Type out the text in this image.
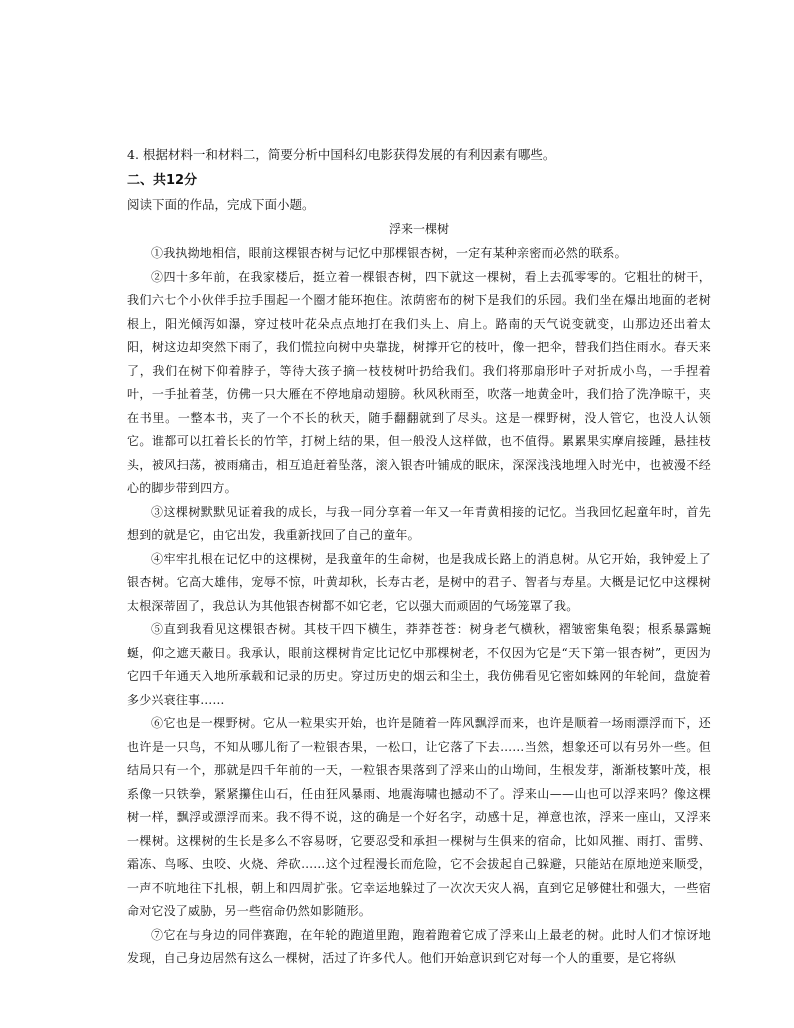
4. 根据材料一和材料二，简要分析中国科幻电影获得发展的有利因素有哪些。

二、共12分

阅读下面的作品，完成下面小题。

浮来一棵树

①我执拗地相信，眼前这棵银杏树与记忆中那棵银杏树，一定有某种亲密而必然的联系。

②四十多年前，在我家楼后，挺立着一棵银杏树，四下就这一棵树，看上去孤零零的。它粗壮的树干，我们六七个小伙伴手拉手围起一个圈才能环抱住。浓荫密布的树下是我们的乐园。我们坐在爆出地面的老树根上，阳光倾泻如瀑，穿过枝叶花朵点点地打在我们头上、肩上。路南的天气说变就变，山那边还出着太阳，树这边却突然下雨了，我们慌拉向树中央靠拢，树撑开它的枝叶，像一把伞，替我们挡住雨水。春天来了，我们在树下仰着脖子，等待大孩子摘一枝枝树叶扔给我们。我们将那扇形叶子对折成小鸟，一手捏着叶，一手扯着茎，仿佛一只大雁在不停地扇动翅膀。秋风秋雨至，吹落一地黄金叶，我们拾了洗净晾干，夹在书里。一整本书，夹了一个不长的秋天，随手翻翻就到了尽头。这是一棵野树，没人管它，也没人认领它。谁都可以扛着长长的竹竿，打树上结的果，但一般没人这样做，也不值得。累累果实摩肩接踵，悬挂枝头，被风扫荡，被雨痛击，相互追赶着坠落，滚入银杏叶铺成的眠床，深深浅浅地埋入时光中，也被漫不经心的脚步带到四方。

③这棵树默默见证着我的成长，与我一同分享着一年又一年青黄相接的记忆。当我回忆起童年时，首先想到的就是它，由它出发，我重新找回了自己的童年。

④牢牢扎根在记忆中的这棵树，是我童年的生命树，也是我成长路上的消息树。从它开始，我钟爱上了银杏树。它高大雄伟，宠辱不惊，叶黄却秋，长寿古老，是树中的君子、智者与寿星。大概是记忆中这棵树太根深蒂固了，我总认为其他银杏树都不如它老，它以强大而顽固的气场笼罩了我。

⑤直到我看见这棵银杏树。其枝干四下横生，莽莽苍苍：树身老气横秋，褶皱密集龟裂；根系暴露蜿蜒，仰之遮天蔽日。我承认，眼前这棵树肯定比记忆中那棵树老，不仅因为它是“天下第一银杏树”，更因为它四千年通天入地所承载和记录的历史。穿过历史的烟云和尘土，我仿佛看见它密如蛛网的年轮间，盘旋着多少兴衰往事……

⑥它也是一棵野树。它从一粒果实开始，也许是随着一阵风飘浮而来，也许是顺着一场雨漂浮而下，还也许是一只鸟，不知从哪儿衔了一粒银杏果，一松口，让它落了下去……当然，想象还可以有另外一些。但结局只有一个，那就是四千年前的一天，一粒银杏果落到了浮来山的山坳间，生根发芽，渐渐枝繁叶茂，根系像一只铁拳，紧紧攥住山石，任由狂风暴雨、地震海啸也撼动不了。浮来山——山也可以浮来吗？像这棵树一样，飘浮或漂浮而来。我不得不说，这的确是一个好名字，动感十足，禅意也浓，浮来一座山，又浮来一棵树。这棵树的生长是多么不容易呀，它要忍受和承担一棵树与生俱来的宿命，比如风摧、雨打、雷劈、霜冻、鸟啄、虫咬、火烧、斧砍……这个过程漫长而危险，它不会拔起自己躲避，只能站在原地逆来顺受，一声不吭地往下扎根，朝上和四周扩张。它幸运地躲过了一次次天灾人祸，直到它足够健壮和强大，一些宿命对它没了威胁，另一些宿命仍然如影随形。

⑦它在与身边的同伴赛跑，在年轮的跑道里跑，跑着跑着它成了浮来山上最老的树。此时人们才惊讶地发现，自己身边居然有这么一棵树，活过了许多代人。他们开始意识到它对每一个人的重要，是它将纵
